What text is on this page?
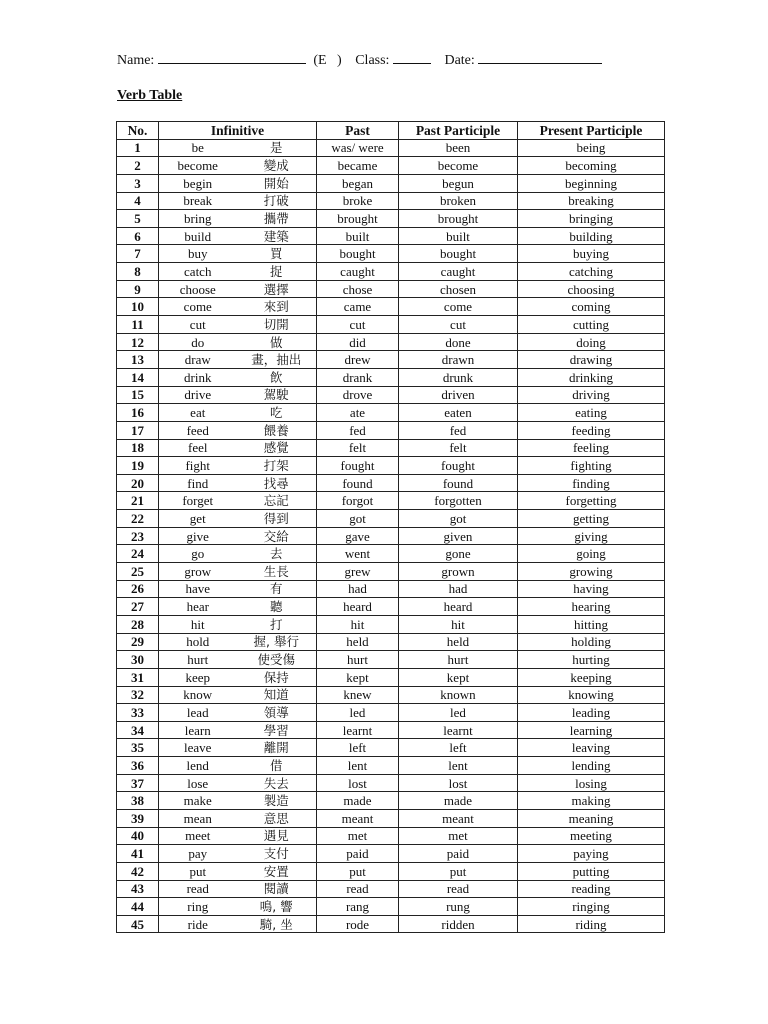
Name:	(E   ) Class:	Date:
Verb Table
No.	Infinitive		Past	Past Participle	Present Participle
1	be	是	was/ were	been	being
2	become	變成	became	become	becoming
3	begin	開始	began	begun	beginning
4	break	打破	broke	broken	breaking
5	bring	攜帶	brought	brought	bringing
6	build	建築	built	built	building
7	buy	買	bought	bought	buying
8	catch	捉	caught	caught	catching
9	choose	選擇	chose	chosen	choosing
10	come	來到	came	come	coming
11	cut	切開	cut	cut	cutting
12	do	做	did	done	doing
13	draw	畫，抽出	drew	drawn	drawing
14	drink	飲	drank	drunk	drinking
15	drive	駕駛	drove	driven	driving
16	eat	吃	ate	eaten	eating
17	feed	餵養	fed	fed	feeding
18	feel	感覺	felt	felt	feeling
19	fight	打架	fought	fought	fighting
20	find	找尋	found	found	finding
21	forget	忘記	forgot	forgotten	forgetting
22	get	得到	got	got	getting
23	give	交給	gave	given	giving
24	go	去	went	gone	going
25	grow	生長	grew	grown	growing
26	have	有	had	had	having
27	hear	聽	heard	heard	hearing
28	hit	打	hit	hit	hitting
29	hold	握, 舉行	held	held	holding
30	hurt	使受傷	hurt	hurt	hurting
31	keep	保持	kept	kept	keeping
32	know	知道	knew	known	knowing
33	lead	領導	led	led	leading
34	learn	學習	learnt	learnt	learning
35	leave	離開	left	left	leaving
36	lend	借	lent	lent	lending
37	lose	失去	lost	lost	losing
38	make	製造	made	made	making
39	mean	意思	meant	meant	meaning
40	meet	遇見	met	met	meeting
41	pay	支付	paid	paid	paying
42	put	安置	put	put	putting
43	read	閱讀	read	read	reading
44	ring	鳴, 響	rang	rung	ringing
45	ride	騎, 坐	rode	ridden	riding
